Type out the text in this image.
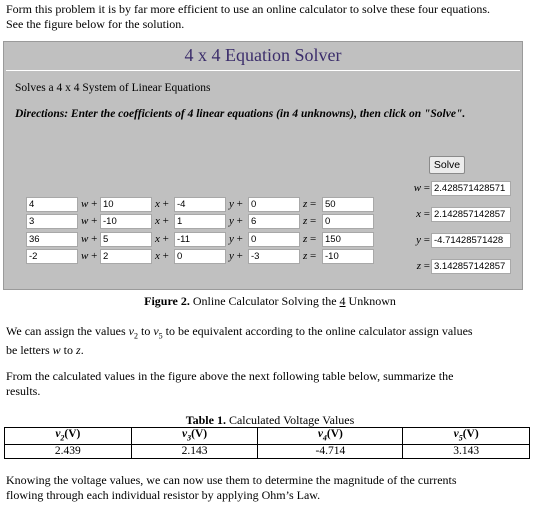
Form this problem it is by far more efficient to use an online calculator to solve these four equations.
See the figure below for the solution.
4 x 4 Equation Solver
Solves a 4 x 4 System of Linear Equations
Directions: Enter the coefficients of 4 linear equations (in 4 unknowns), then click on "Solve".
Solve
4	w + 10	x + -4	y + 0	z = 50
3	w + -10	x + 1	y + 6	z = 0
36	w + 5	x + -11	y + 0	z = 150
-2	w + 2	x + 0	y + -3	z = -10
w = 2.428571428571
x = 2.142857142857
y = -4.71428571428
z = 3.142857142857
Figure 2. Online Calculator Solving the 4 Unknown
We can assign the values $v_2$ to $v_5$ to be equivalent according to the online calculator assign values
be letters w to z.
From the calculated values in the figure above the next following table below, summarize the
results.
Table 1. Calculated Voltage Values
$v_2(V)$	$v_3(V)$	$v_4(V)$	$v_5(V)$
2.439	2.143	-4.714	3.143
Knowing the voltage values, we can now use them to determine the magnitude of the currents
flowing through each individual resistor by applying Ohm’s Law.
